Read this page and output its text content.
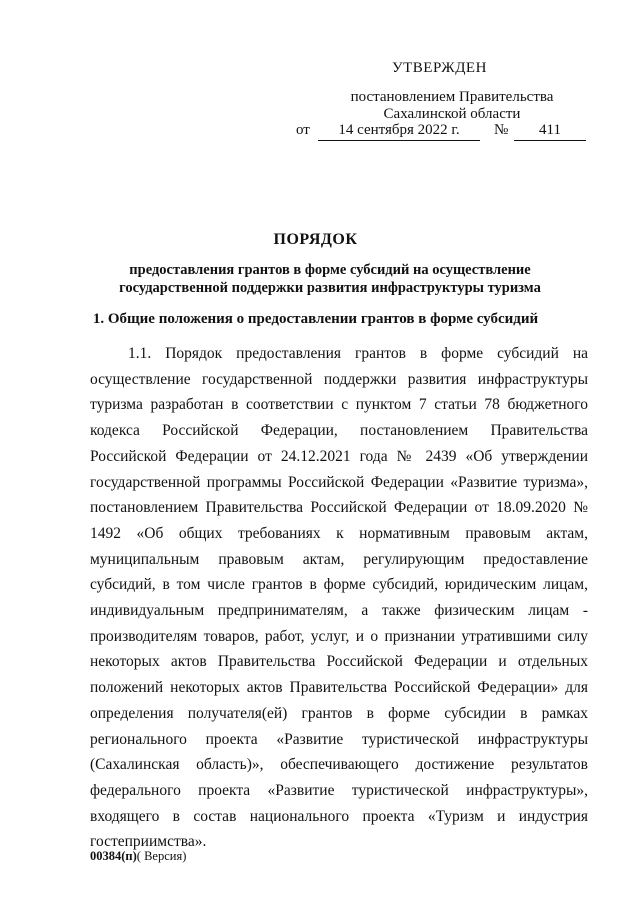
УТВЕРЖДЕН
постановлением Правительства
Сахалинской области
от	14 сентября 2022 г.	№	411
ПОРЯДОК
предоставления грантов в форме субсидий на осуществление
государственной поддержки развития инфраструктуры туризма
1. Общие положения о предоставлении грантов в форме субсидий

1.1. Порядок предоставления грантов в форме субсидий на осуществление государственной поддержки развития инфраструктуры туризма разработан в соответствии с пунктом 7 статьи 78 бюджетного кодекса Российской Федерации, постановлением Правительства Российской Федерации от 24.12.2021 года № 2439 «Об утверждении государственной программы Российской Федерации «Развитие туризма», постановлением Правительства Российской Федерации от 18.09.2020 № 1492 «Об общих требованиях к нормативным правовым актам, муниципальным правовым актам, регулирующим предоставление субсидий, в том числе грантов в форме субсидий, юридическим лицам, индивидуальным предпринимателям, а также физическим лицам - производителям товаров, работ, услуг, и о признании утратившими силу некоторых актов Правительства Российской Федерации и отдельных положений некоторых актов Правительства Российской Федерации» для определения получателя(ей) грантов в форме субсидии в рамках регионального проекта «Развитие туристической инфраструктуры (Сахалинская область)», обеспечивающего достижение результатов федерального проекта «Развитие туристической инфраструктуры», входящего в состав национального проекта «Туризм и индустрия гостеприимства».

00384(п)( Версия)
